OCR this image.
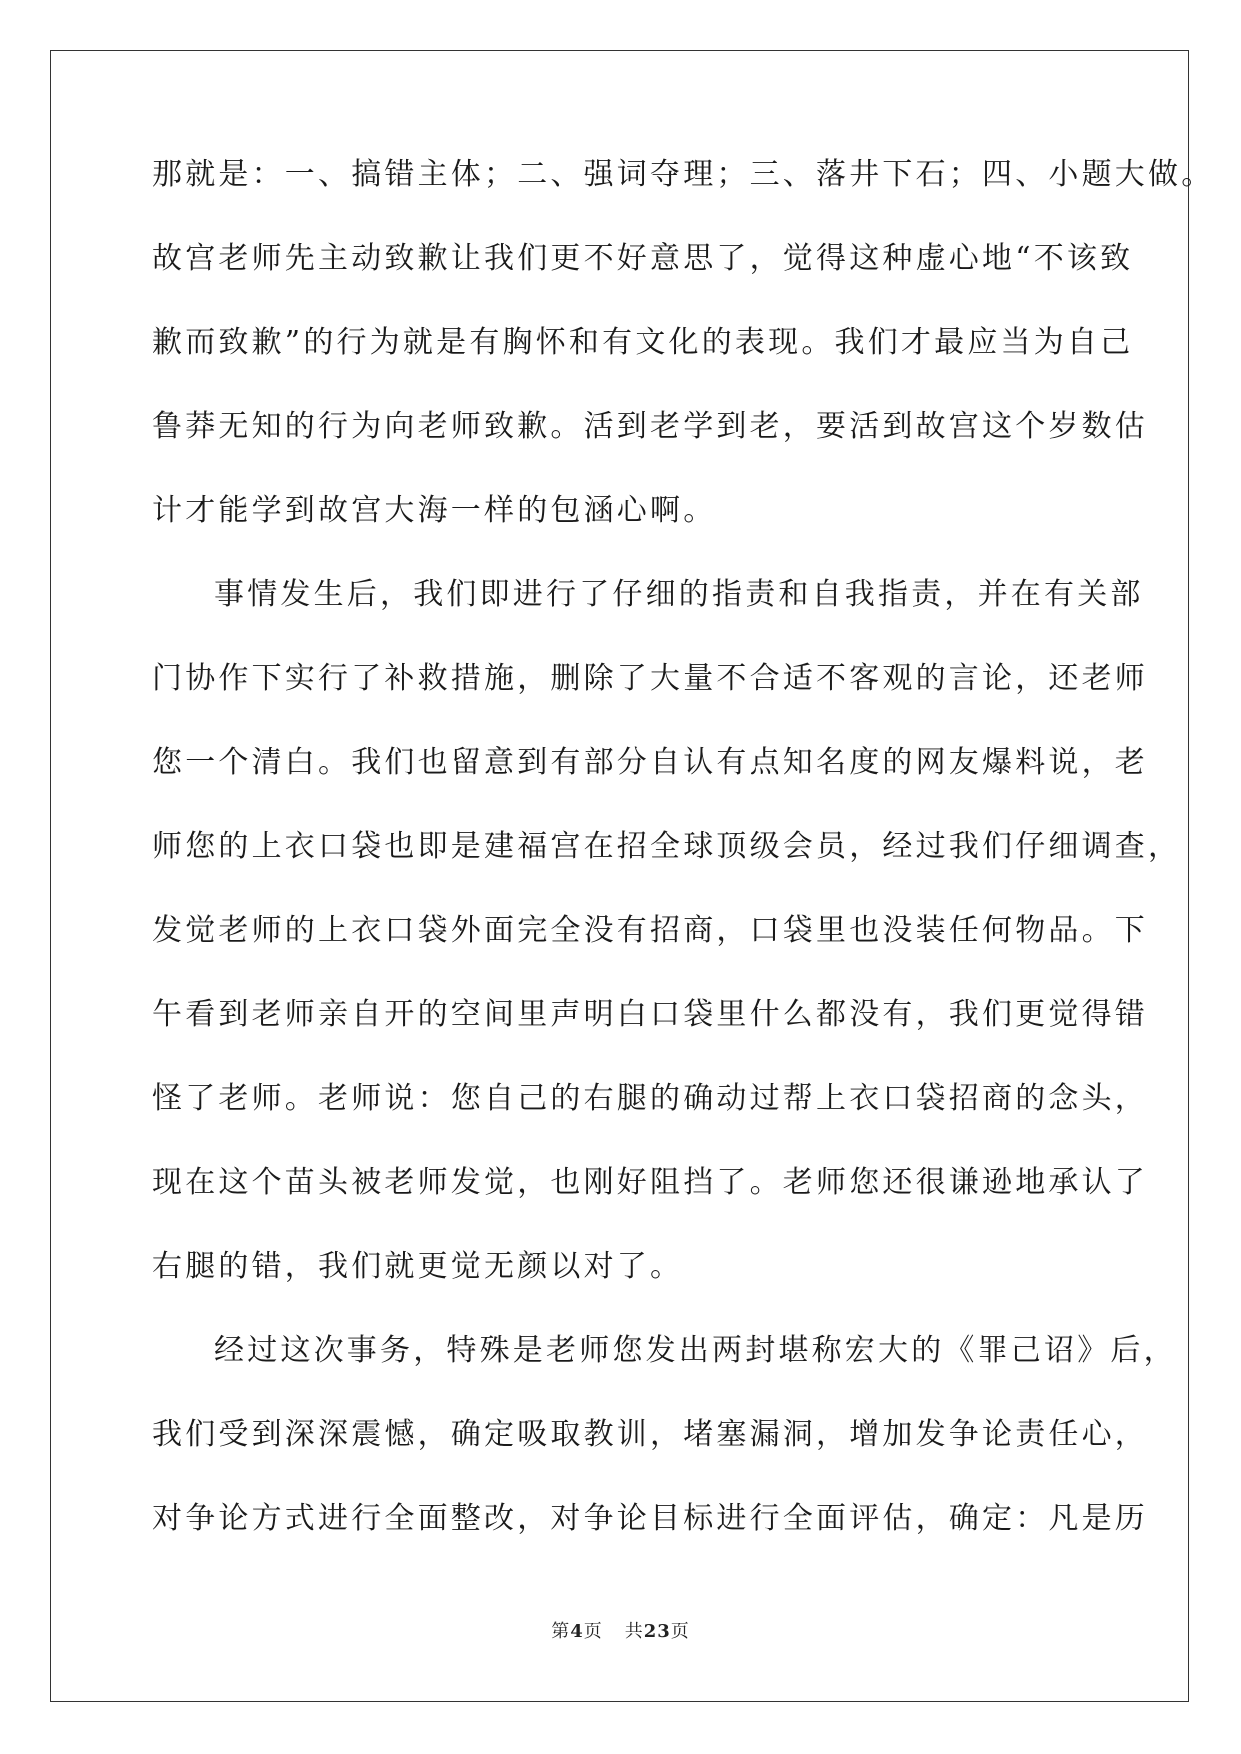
那就是：一、搞错主体；二、强词夺理；三、落井下石；四、小题大做。
故宫老师先主动致歉让我们更不好意思了，觉得这种虚心地“不该致
歉而致歉”的行为就是有胸怀和有文化的表现。我们才最应当为自己
鲁莽无知的行为向老师致歉。活到老学到老，要活到故宫这个岁数估
计才能学到故宫大海一样的包涵心啊。
事情发生后，我们即进行了仔细的指责和自我指责，并在有关部
门协作下实行了补救措施，删除了大量不合适不客观的言论，还老师
您一个清白。我们也留意到有部分自认有点知名度的网友爆料说，老
师您的上衣口袋也即是建福宫在招全球顶级会员，经过我们仔细调查，
发觉老师的上衣口袋外面完全没有招商，口袋里也没装任何物品。下
午看到老师亲自开的空间里声明白口袋里什么都没有，我们更觉得错
怪了老师。老师说：您自己的右腿的确动过帮上衣口袋招商的念头，
现在这个苗头被老师发觉，也刚好阻挡了。老师您还很谦逊地承认了
右腿的错，我们就更觉无颜以对了。
经过这次事务，特殊是老师您发出两封堪称宏大的《罪己诏》后，
我们受到深深震憾，确定吸取教训，堵塞漏洞，增加发争论责任心，
对争论方式进行全面整改，对争论目标进行全面评估，确定：凡是历
第4页 共23页
